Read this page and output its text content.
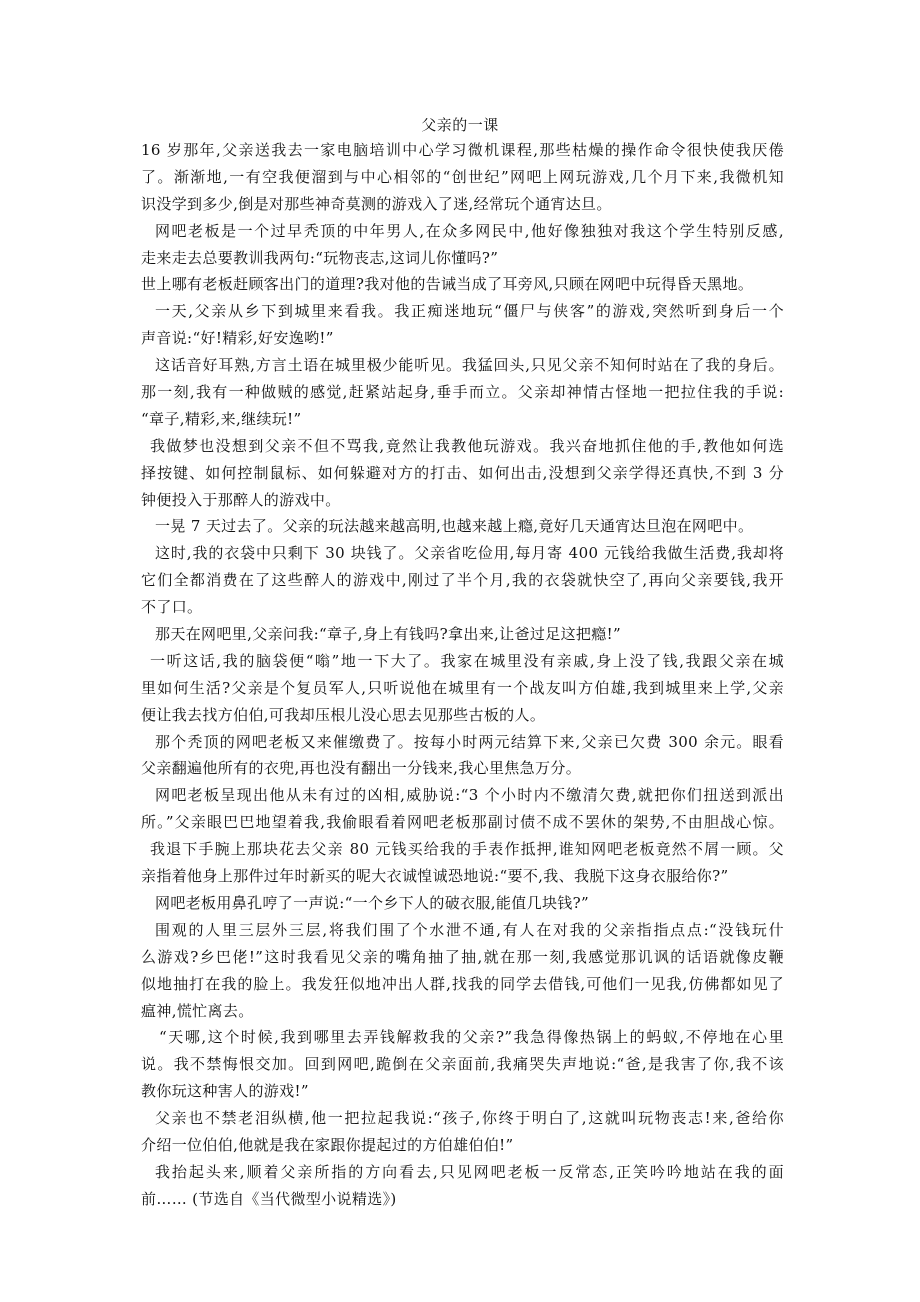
父亲的一课
16 岁那年,父亲送我去一家电脑培训中心学习微机课程,那些枯燥的操作命令很快使我厌倦
了。渐渐地,一有空我便溜到与中心相邻的“创世纪”网吧上网玩游戏,几个月下来,我微机知
识没学到多少,倒是对那些神奇莫测的游戏入了迷,经常玩个通宵达旦。
网吧老板是一个过早秃顶的中年男人,在众多网民中,他好像独独对我这个学生特别反感,
走来走去总要教训我两句:“玩物丧志,这词儿你懂吗?”
世上哪有老板赶顾客出门的道理?我对他的告诫当成了耳旁风,只顾在网吧中玩得昏天黑地。
一天,父亲从乡下到城里来看我。我正痴迷地玩“僵尸与侠客”的游戏,突然听到身后一个
声音说:“好!精彩,好安逸哟!”
这话音好耳熟,方言土语在城里极少能听见。我猛回头,只见父亲不知何时站在了我的身后。
那一刻,我有一种做贼的感觉,赶紧站起身,垂手而立。父亲却神情古怪地一把拉住我的手说:
“章子,精彩,来,继续玩!”
我做梦也没想到父亲不但不骂我,竟然让我教他玩游戏。我兴奋地抓住他的手,教他如何选
择按键、如何控制鼠标、如何躲避对方的打击、如何出击,没想到父亲学得还真快,不到 3 分
钟便投入于那醉人的游戏中。
一晃 7 天过去了。父亲的玩法越来越高明,也越来越上瘾,竟好几天通宵达旦泡在网吧中。
这时,我的衣袋中只剩下 30 块钱了。父亲省吃俭用,每月寄 400 元钱给我做生活费,我却将
它们全都消费在了这些醉人的游戏中,刚过了半个月,我的衣袋就快空了,再向父亲要钱,我开
不了口。
那天在网吧里,父亲问我:“章子,身上有钱吗?拿出来,让爸过足这把瘾!”
一听这话,我的脑袋便“嗡”地一下大了。我家在城里没有亲戚,身上没了钱,我跟父亲在城
里如何生活?父亲是个复员军人,只听说他在城里有一个战友叫方伯雄,我到城里来上学,父亲
便让我去找方伯伯,可我却压根儿没心思去见那些古板的人。
那个秃顶的网吧老板又来催缴费了。按每小时两元结算下来,父亲已欠费 300 余元。眼看
父亲翻遍他所有的衣兜,再也没有翻出一分钱来,我心里焦急万分。
网吧老板呈现出他从未有过的凶相,威胁说:“3 个小时内不缴清欠费,就把你们扭送到派出
所。”父亲眼巴巴地望着我,我偷眼看着网吧老板那副讨债不成不罢休的架势,不由胆战心惊。
我退下手腕上那块花去父亲 80 元钱买给我的手表作抵押,谁知网吧老板竟然不屑一顾。父
亲指着他身上那件过年时新买的呢大衣诚惶诚恐地说:“要不,我、我脱下这身衣服给你?”
网吧老板用鼻孔哼了一声说:“一个乡下人的破衣服,能值几块钱?”
围观的人里三层外三层,将我们围了个水泄不通,有人在对我的父亲指指点点:“没钱玩什
么游戏?乡巴佬!”这时我看见父亲的嘴角抽了抽,就在那一刻,我感觉那讥讽的话语就像皮鞭
似地抽打在我的脸上。我发狂似地冲出人群,找我的同学去借钱,可他们一见我,仿佛都如见了
瘟神,慌忙离去。
“天哪,这个时候,我到哪里去弄钱解救我的父亲?”我急得像热锅上的蚂蚁,不停地在心里
说。我不禁悔恨交加。回到网吧,跪倒在父亲面前,我痛哭失声地说:“爸,是我害了你,我不该
教你玩这种害人的游戏!”
父亲也不禁老泪纵横,他一把拉起我说:“孩子,你终于明白了,这就叫玩物丧志!来,爸给你
介绍一位伯伯,他就是我在家跟你提起过的方伯雄伯伯!”
我抬起头来,顺着父亲所指的方向看去,只见网吧老板一反常态,正笑吟吟地站在我的面
前…… (节选自《当代微型小说精选》)
